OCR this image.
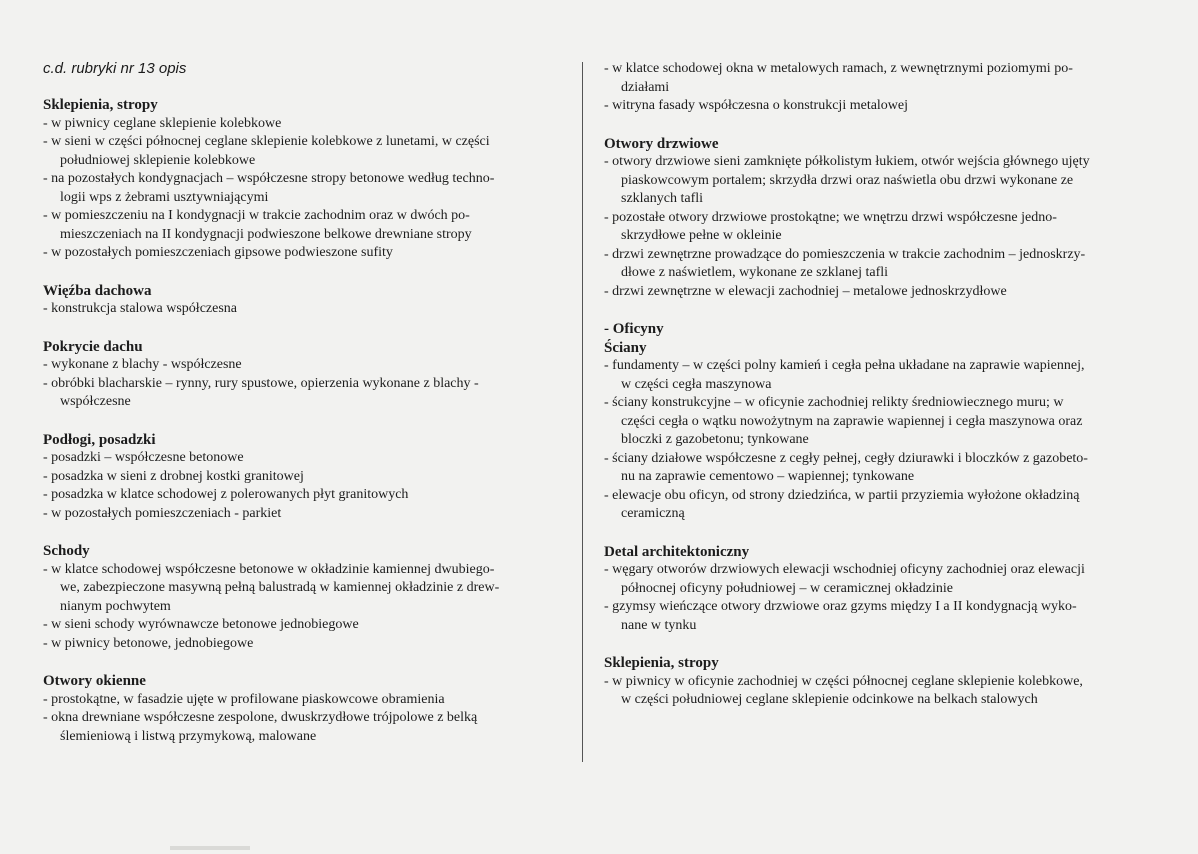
c.d. rubryki nr 13 opis
Sklepienia, stropy
- w piwnicy ceglane sklepienie kolebkowe
- w sieni w części północnej ceglane sklepienie kolebkowe z lunetami, w części
południowej sklepienie kolebkowe
- na pozostałych kondygnacjach – współczesne stropy betonowe według techno-
logii wps z żebrami usztywniającymi
- w pomieszczeniu na I kondygnacji w trakcie zachodnim oraz w dwóch po-
mieszczeniach na II kondygnacji podwieszone belkowe drewniane stropy
- w pozostałych pomieszczeniach gipsowe podwieszone sufity
Więźba dachowa
- konstrukcja stalowa współczesna
Pokrycie dachu
- wykonane z blachy - współczesne
- obróbki blacharskie – rynny, rury spustowe, opierzenia wykonane z blachy -
współczesne
Podłogi, posadzki
- posadzki – współczesne betonowe
- posadzka w sieni z drobnej kostki granitowej
- posadzka w klatce schodowej z polerowanych płyt granitowych
- w pozostałych pomieszczeniach - parkiet
Schody
- w klatce schodowej współczesne betonowe w okładzinie kamiennej dwubiego-
we, zabezpieczone masywną pełną balustradą w kamiennej okładzinie z drew-
nianym pochwytem
- w sieni schody wyrównawcze betonowe jednobiegowe
- w piwnicy betonowe, jednobiegowe
Otwory okienne
- prostokątne, w fasadzie ujęte w profilowane piaskowcowe obramienia
- okna drewniane współczesne zespolone, dwuskrzydłowe trójpolowe z belką
ślemieniową i listwą przymykową, malowane
- w klatce schodowej okna w metalowych ramach, z wewnętrznymi poziomymi po-
działami
- witryna fasady współczesna o konstrukcji metalowej
Otwory drzwiowe
- otwory drzwiowe sieni zamknięte półkolistym łukiem, otwór wejścia głównego ujęty
piaskowcowym portalem; skrzydła drzwi oraz naświetla obu drzwi wykonane ze
szklanych tafli
- pozostałe otwory drzwiowe prostokątne; we wnętrzu drzwi współczesne jedno-
skrzydłowe pełne w okleinie
- drzwi zewnętrzne prowadzące do pomieszczenia w trakcie zachodnim – jednoskrzy-
dłowe z naświetlem, wykonane ze szklanej tafli
- drzwi zewnętrzne w elewacji zachodniej – metalowe jednoskrzydłowe
- Oficyny
Ściany
- fundamenty – w części polny kamień i cegła pełna układane na zaprawie wapiennej,
w części cegła maszynowa
- ściany konstrukcyjne – w oficynie zachodniej relikty średniowiecznego muru; w
części cegła o wątku nowożytnym na zaprawie wapiennej i cegła maszynowa oraz
bloczki z gazobetonu; tynkowane
- ściany działowe współczesne z cegły pełnej, cegły dziurawki i bloczków z gazobeto-
nu na zaprawie cementowo – wapiennej; tynkowane
- elewacje obu oficyn, od strony dziedzińca, w partii przyziemia wyłożone okładziną
ceramiczną
Detal architektoniczny
- węgary otworów drzwiowych elewacji wschodniej oficyny zachodniej oraz elewacji
północnej oficyny południowej – w ceramicznej okładzinie
- gzymsy wieńczące otwory drzwiowe oraz gzyms między I a II kondygnacją wyko-
nane w tynku
Sklepienia, stropy
- w piwnicy w oficynie zachodniej w części północnej ceglane sklepienie kolebkowe,
w części południowej ceglane sklepienie odcinkowe na belkach stalowych
